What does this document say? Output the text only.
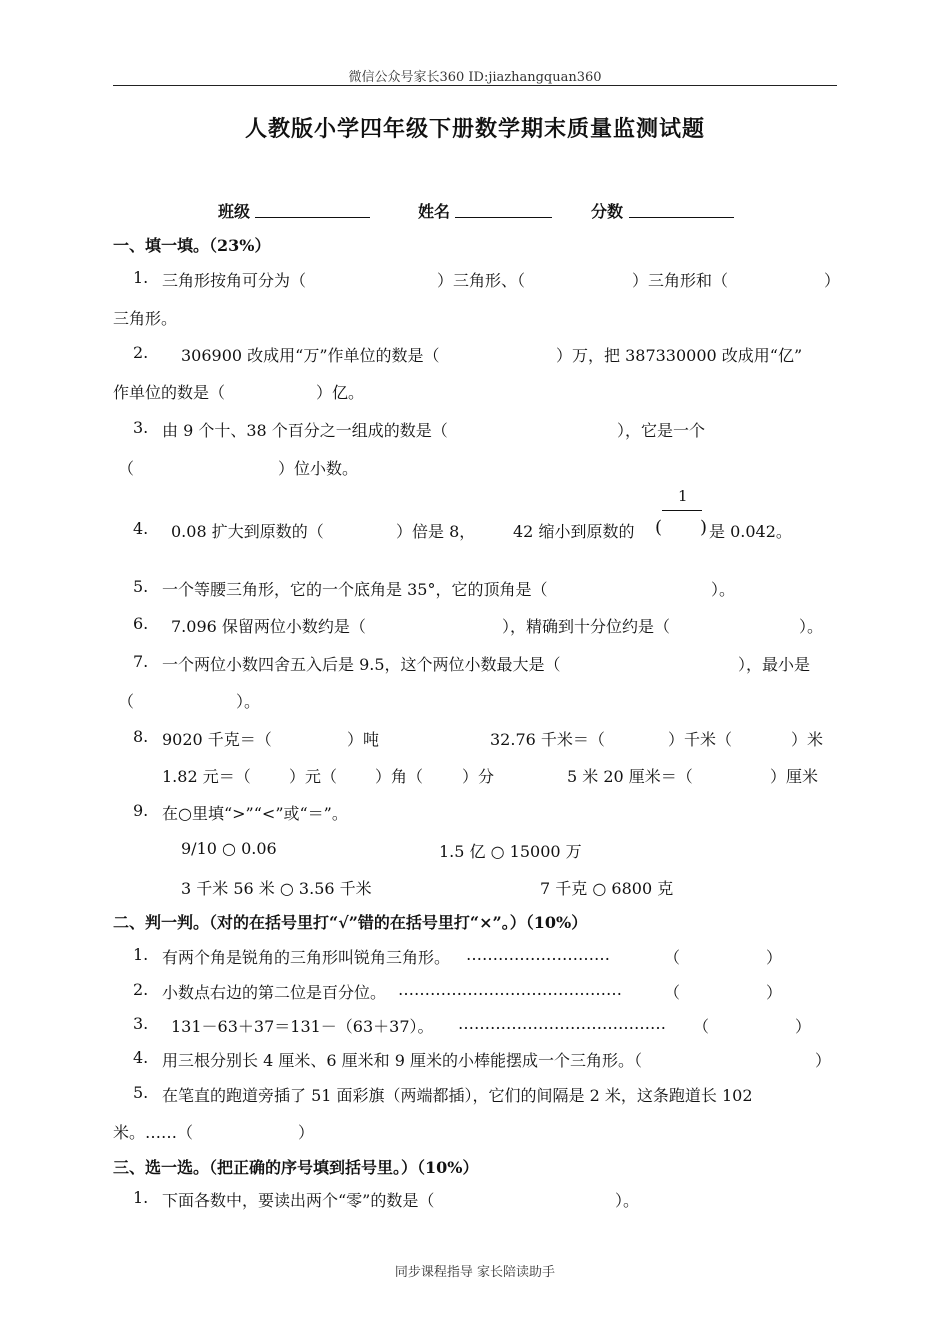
微信公众号家长360 ID:jiazhangquan360
人教版小学四年级下册数学期末质量监测试题
班级	姓名	分数
一、填一填。（23%）
1. 三角形按角可分为（	）三角形、（	）三角形和（	）
三角形。
2. 306900 改成用“万”作单位的数是（	）万，把 387330000 改成用“亿”
作单位的数是（	）亿。
3. 由 9 个十、38 个百分之一组成的数是（	），它是一个
（	）位小数。
4. 0.08 扩大到原数的（	）倍是 8， 42 缩小到原数的
1
( ) 是 0.042。
5. 一个等腰三角形，它的一个底角是 35°，它的顶角是（	）。
6. 7.096 保留两位小数约是（	），精确到十分位约是（	）。
7. 一个两位小数四舍五入后是 9.5，这个两位小数最大是（	），最小是
（	）。
8. 9020 千克＝（	）吨	32.76 千米＝（	）千米（	）米
1.82 元＝（ ）元（ ）角（ ）分	5 米 20 厘米＝（	）厘米
9. 在○里填“>”“<”或“＝”。
9/10 ○ 0.06	1.5 亿 ○ 15000 万
3 千米 56 米 ○ 3.56 千米	7 千克 ○ 6800 克
二、判一判。（对的在括号里打“√”错的在括号里打“×”。）（10%）
1. 有两个角是锐角的三角形叫锐角三角形。 ………………………	（	）
2. 小数点右边的第二位是百分位。 ……………………………………	（	）
3. 131－63＋37＝131－（63＋37）。 ………………………………… （	）
4. 用三根分别长 4 厘米、6 厘米和 9 厘米的小棒能摆成一个三角形。（	）
5. 在笔直的跑道旁插了 51 面彩旗（两端都插），它们的间隔是 2 米，这条跑道长 102
米。……（	）
三、选一选。（把正确的序号填到括号里。）（10%）
1. 下面各数中，要读出两个“零”的数是（	）。
同步课程指导 家长陪读助手
